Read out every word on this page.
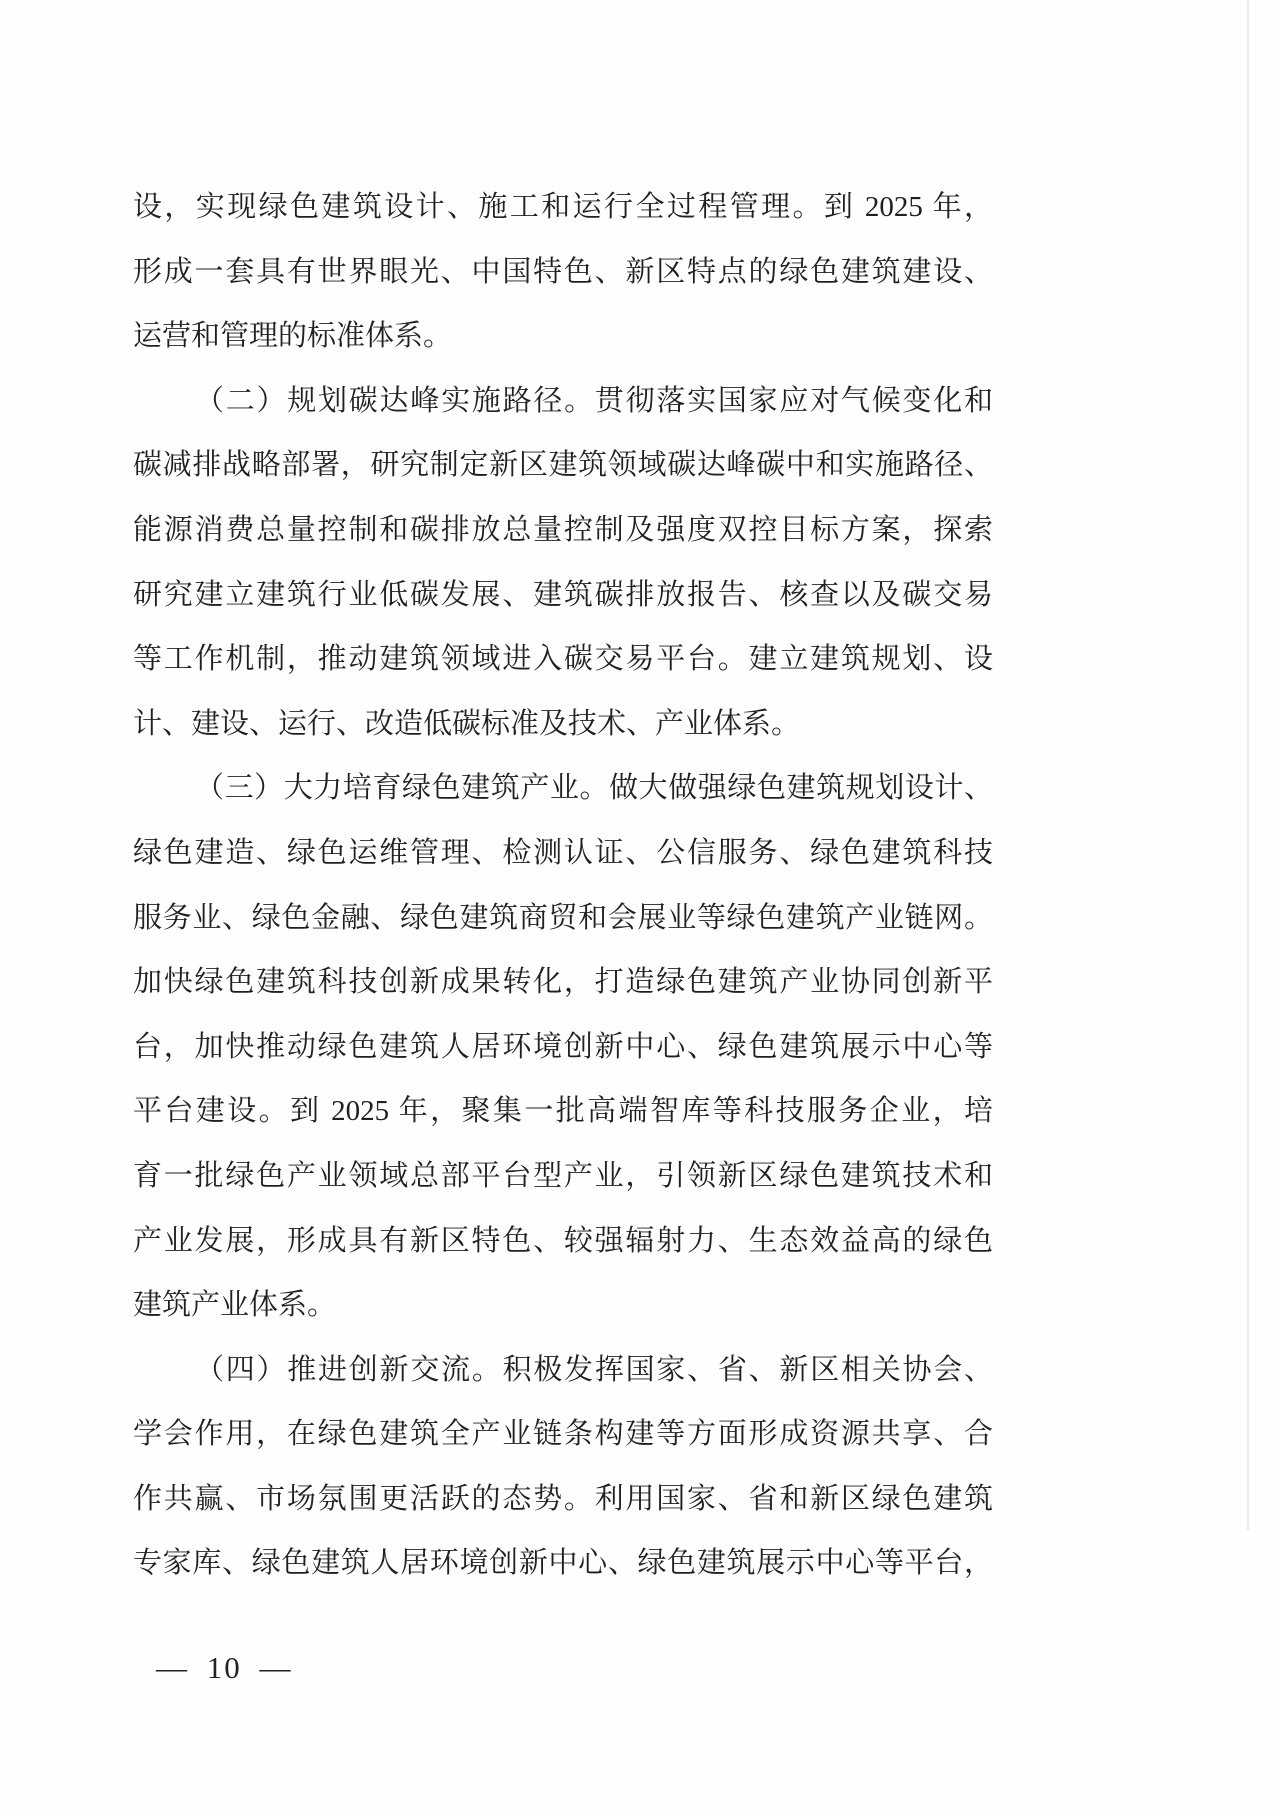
设，实现绿色建筑设计、施工和运行全过程管理。到 2025 年，
形成一套具有世界眼光、中国特色、新区特点的绿色建筑建设、
运营和管理的标准体系。
（二）规划碳达峰实施路径。贯彻落实国家应对气候变化和
碳减排战略部署，研究制定新区建筑领域碳达峰碳中和实施路径、
能源消费总量控制和碳排放总量控制及强度双控目标方案，探索
研究建立建筑行业低碳发展、建筑碳排放报告、核查以及碳交易
等工作机制，推动建筑领域进入碳交易平台。建立建筑规划、设
计、建设、运行、改造低碳标准及技术、产业体系。
（三）大力培育绿色建筑产业。做大做强绿色建筑规划设计、
绿色建造、绿色运维管理、检测认证、公信服务、绿色建筑科技
服务业、绿色金融、绿色建筑商贸和会展业等绿色建筑产业链网。
加快绿色建筑科技创新成果转化，打造绿色建筑产业协同创新平
台，加快推动绿色建筑人居环境创新中心、绿色建筑展示中心等
平台建设。到 2025 年，聚集一批高端智库等科技服务企业，培
育一批绿色产业领域总部平台型产业，引领新区绿色建筑技术和
产业发展，形成具有新区特色、较强辐射力、生态效益高的绿色
建筑产业体系。
（四）推进创新交流。积极发挥国家、省、新区相关协会、
学会作用，在绿色建筑全产业链条构建等方面形成资源共享、合
作共赢、市场氛围更活跃的态势。利用国家、省和新区绿色建筑
专家库、绿色建筑人居环境创新中心、绿色建筑展示中心等平台，
— 10 —
